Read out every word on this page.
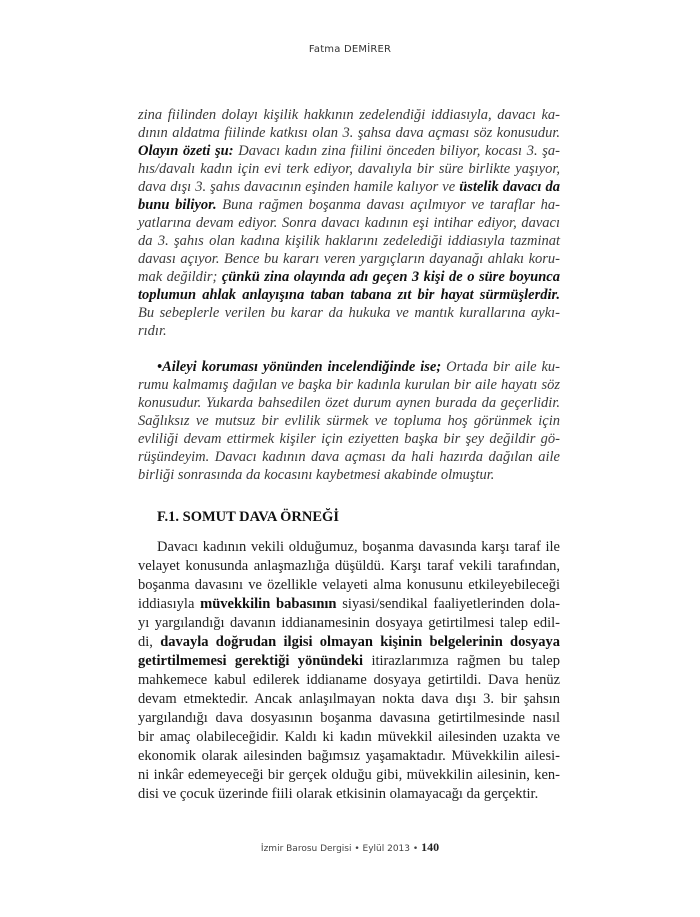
Fatma DEMİRER
zina fiilinden dolayı kişilik hakkının zedelendiği iddiasıyla, davacı ka-
dının aldatma fiilinde katkısı olan 3. şahsa dava açması söz konusudur.
Olayın özeti şu: Davacı kadın zina fiilini önceden biliyor, kocası 3. şa-
hıs/davalı kadın için evi terk ediyor, davalıyla bir süre birlikte yaşıyor,
dava dışı 3. şahıs davacının eşinden hamile kalıyor ve üstelik davacı da
bunu biliyor. Buna rağmen boşanma davası açılmıyor ve taraflar ha-
yatlarına devam ediyor. Sonra davacı kadının eşi intihar ediyor, davacı
da 3. şahıs olan kadına kişilik haklarını zedelediği iddiasıyla tazminat
davası açıyor. Bence bu kararı veren yargıçların dayanağı ahlakı koru-
mak değildir; çünkü zina olayında adı geçen 3 kişi de o süre boyunca
toplumun ahlak anlayışına taban tabana zıt bir hayat sürmüşlerdir.
Bu sebeplerle verilen bu karar da hukuka ve mantık kurallarına aykı-
rıdır.
•Aileyi koruması yönünden incelendiğinde ise; Ortada bir aile ku-
rumu kalmamış dağılan ve başka bir kadınla kurulan bir aile hayatı söz
konusudur. Yukarda bahsedilen özet durum aynen burada da geçerlidir.
Sağlıksız ve mutsuz bir evlilik sürmek ve topluma hoş görünmek için
evliliği devam ettirmek kişiler için eziyetten başka bir şey değildir gö-
rüşündeyim. Davacı kadının dava açması da hali hazırda dağılan aile
birliği sonrasında da kocasını kaybetmesi akabinde olmuştur.
F.1. SOMUT DAVA ÖRNEĞİ
Davacı kadının vekili olduğumuz, boşanma davasında karşı taraf ile
velayet konusunda anlaşmazlığa düşüldü. Karşı taraf vekili tarafından,
boşanma davasını ve özellikle velayeti alma konusunu etkileyebileceği
iddiasıyla müvekkilin babasının siyasi/sendikal faaliyetlerinden dola-
yı yargılandığı davanın iddianamesinin dosyaya getirtilmesi talep edil-
di, davayla doğrudan ilgisi olmayan kişinin belgelerinin dosyaya
getirtilmemesi gerektiği yönündeki itirazlarımıza rağmen bu talep
mahkemece kabul edilerek iddianame dosyaya getirtildi. Dava henüz
devam etmektedir. Ancak anlaşılmayan nokta dava dışı 3. bir şahsın
yargılandığı dava dosyasının boşanma davasına getirtilmesinde nasıl
bir amaç olabileceğidir. Kaldı ki kadın müvekkil ailesinden uzakta ve
ekonomik olarak ailesinden bağımsız yaşamaktadır. Müvekkilin ailesi-
ni inkâr edemeyeceği bir gerçek olduğu gibi, müvekkilin ailesinin, ken-
disi ve çocuk üzerinde fiili olarak etkisinin olamayacağı da gerçektir.
İzmir Barosu Dergisi • Eylül 2013 • 140
